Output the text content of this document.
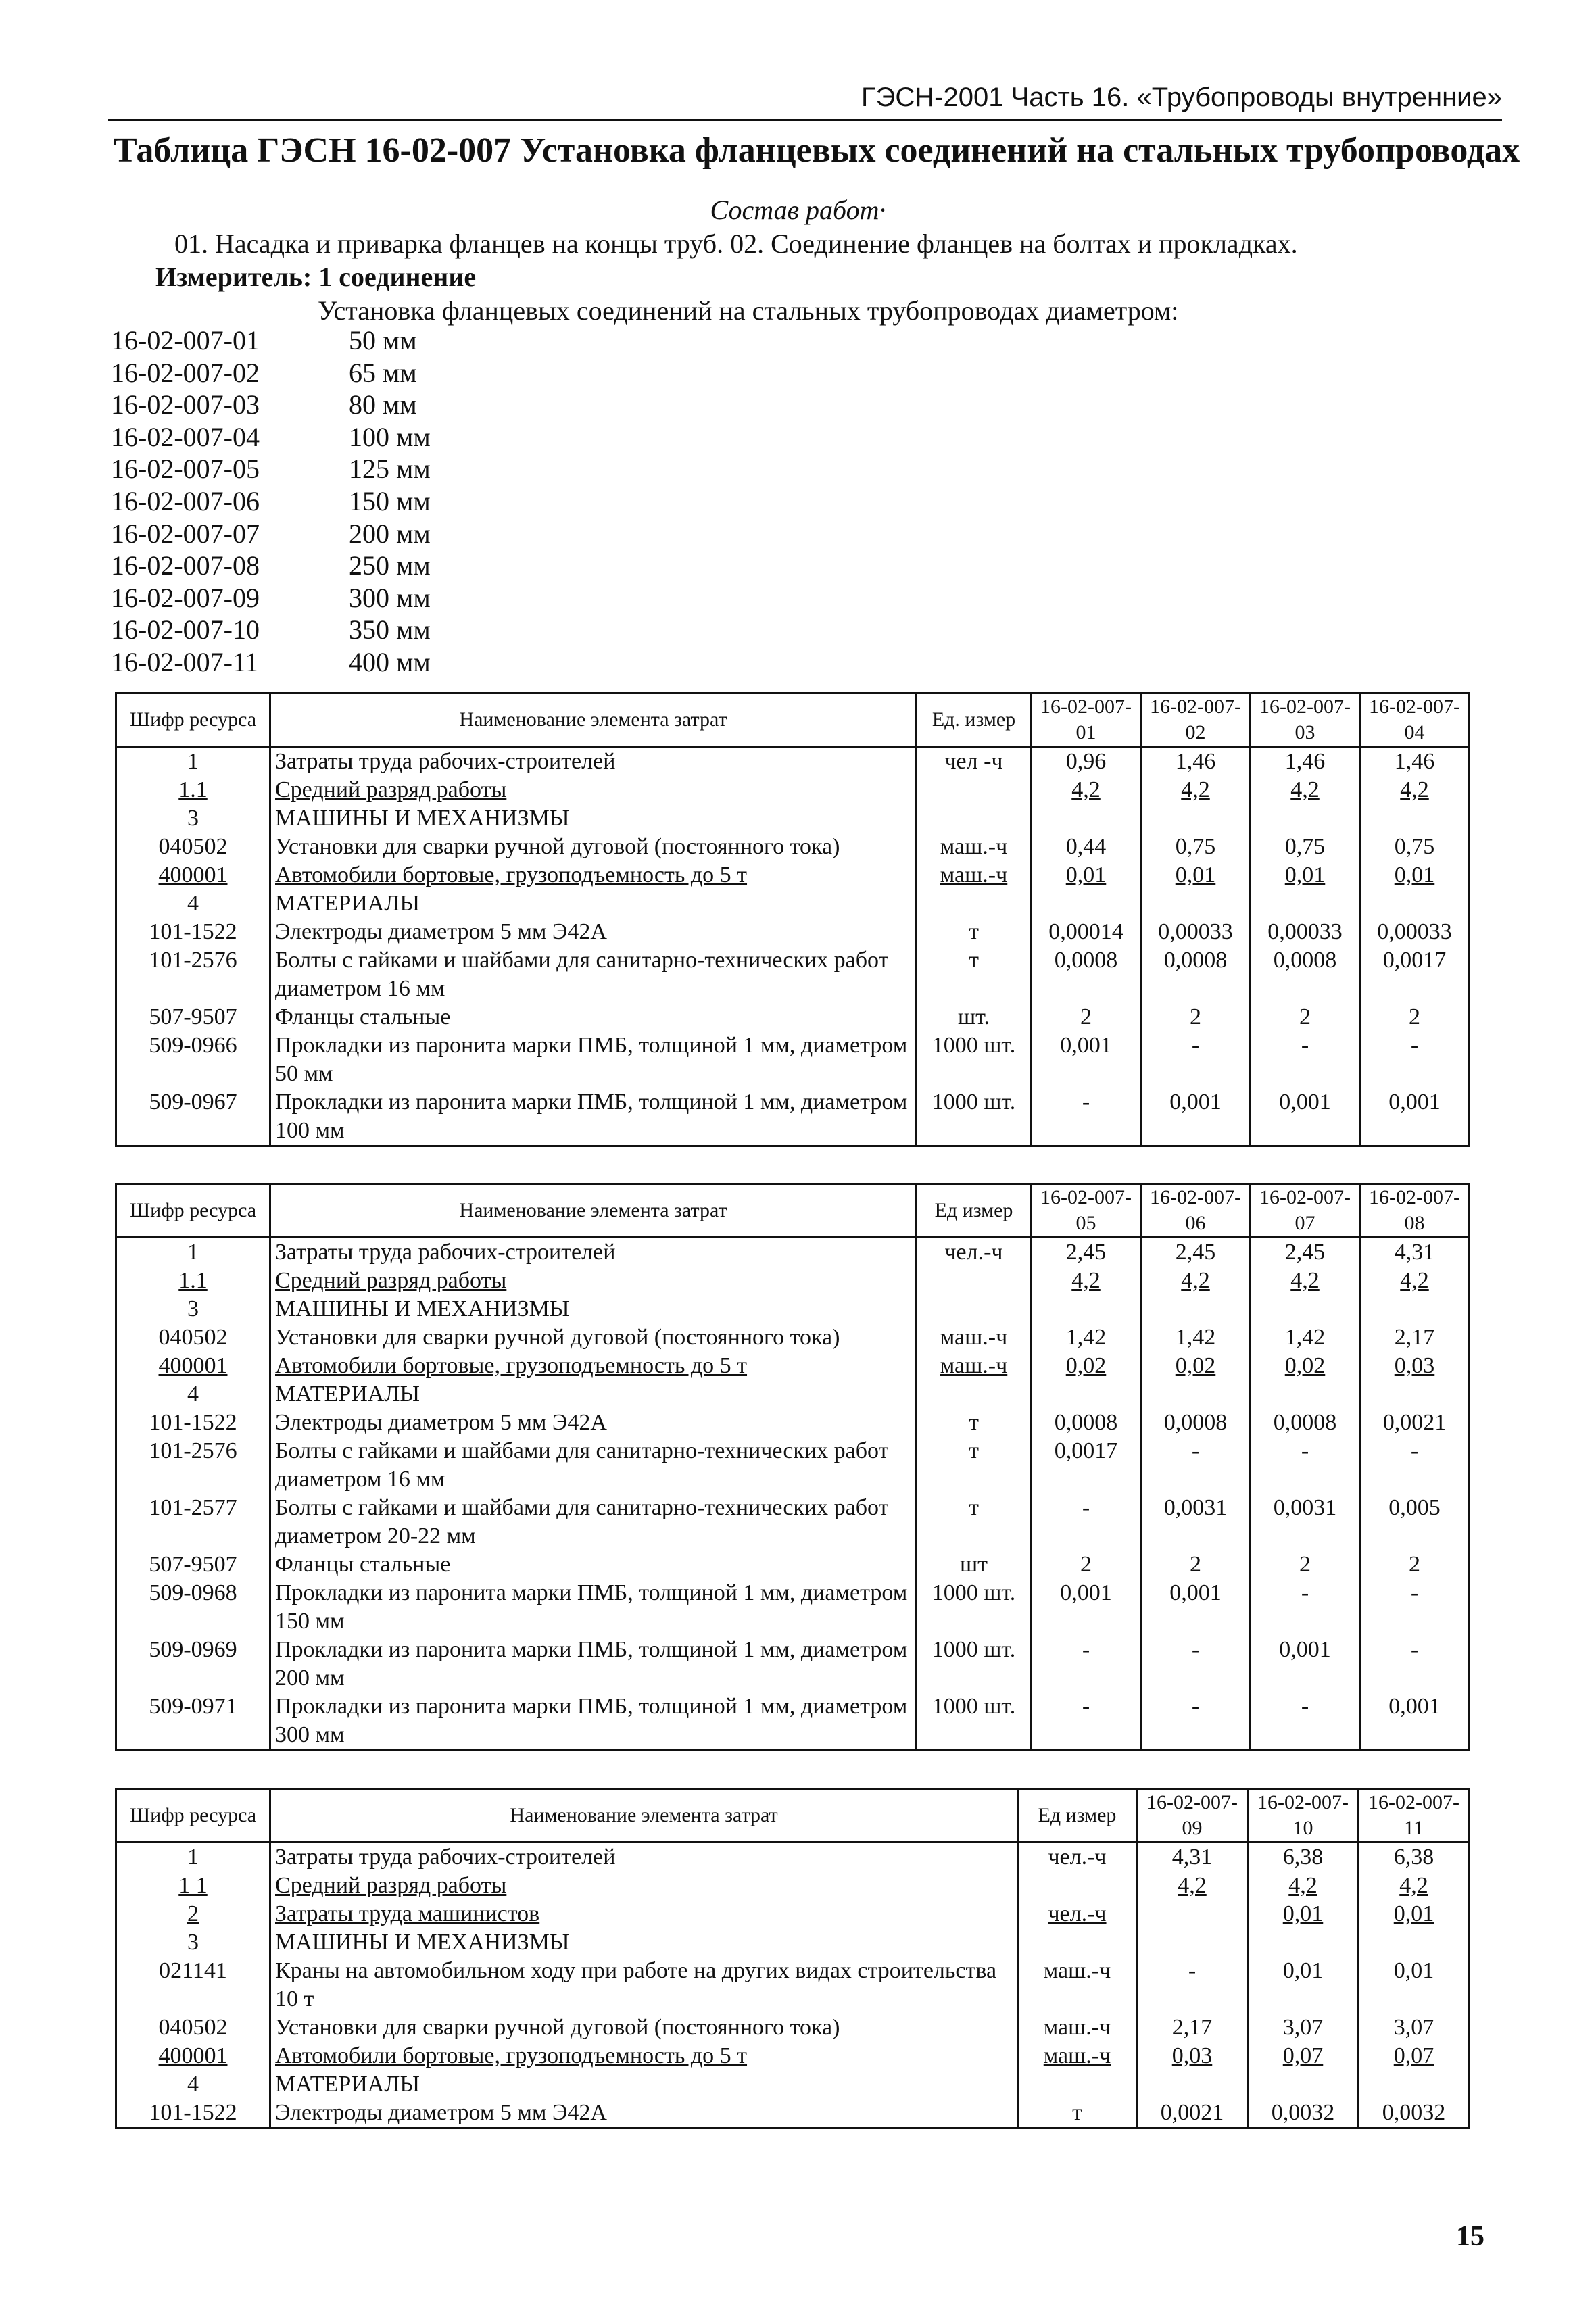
ГЭСН-2001 Часть 16. «Трубопроводы внутренние»
Таблица ГЭСН 16-02-007 Установка фланцевых соединений на стальных трубопроводах
Состав работ·
01. Насадка и приварка фланцев на концы труб. 02. Соединение фланцев на болтах и прокладках.
Измеритель: 1 соединение
Установка фланцевых соединений на стальных трубопроводах диаметром:
16-02-007-01	50 мм
16-02-007-02	65 мм
16-02-007-03	80 мм
16-02-007-04	100 мм
16-02-007-05	125 мм
16-02-007-06	150 мм
16-02-007-07	200 мм
16-02-007-08	250 мм
16-02-007-09	300 мм
16-02-007-10	350 мм
16-02-007-11	400 мм
Шифр ресурса	Наименование элемента затрат	Ед. измер	16-02-007-01	16-02-007-02	16-02-007-03	16-02-007-04
1	Затраты труда рабочих-строителей	чел -ч	0,96	1,46	1,46	1,46
1.1	Средний разряд работы		4,2	4,2	4,2	4,2
3	МАШИНЫ И МЕХАНИЗМЫ					
040502	Установки для сварки ручной дуговой (постоянного тока)	маш.-ч	0,44	0,75	0,75	0,75
400001	Автомобили бортовые, грузоподъемность до 5 т	маш.-ч	0,01	0,01	0,01	0,01
4	МАТЕРИАЛЫ					
101-1522	Электроды диаметром 5 мм Э42А	т	0,00014	0,00033	0,00033	0,00033
101-2576	Болты с гайками и шайбами для санитарно-технических работ диаметром 16 мм	т	0,0008	0,0008	0,0008	0,0017
507-9507	Фланцы стальные	шт.	2	2	2	2
509-0966	Прокладки из паронита марки ПМБ, толщиной 1 мм, диаметром 50 мм	1000 шт.	0,001	-	-	-
509-0967	Прокладки из паронита марки ПМБ, толщиной 1 мм, диаметром 100 мм	1000 шт.	-	0,001	0,001	0,001
Шифр ресурса	Наименование элемента затрат	Ед измер	16-02-007-05	16-02-007-06	16-02-007-07	16-02-007-08
1	Затраты труда рабочих-строителей	чел.-ч	2,45	2,45	2,45	4,31
1.1	Средний разряд работы		4,2	4,2	4,2	4,2
3	МАШИНЫ И МЕХАНИЗМЫ					
040502	Установки для сварки ручной дуговой (постоянного тока)	маш.-ч	1,42	1,42	1,42	2,17
400001	Автомобили бортовые, грузоподъемность до 5 т	маш.-ч	0,02	0,02	0,02	0,03
4	МАТЕРИАЛЫ					
101-1522	Электроды диаметром 5 мм Э42А	т	0,0008	0,0008	0,0008	0,0021
101-2576	Болты с гайками и шайбами для санитарно-технических работ диаметром 16 мм	т	0,0017	-	-	-
101-2577	Болты с гайками и шайбами для санитарно-технических работ диаметром 20-22 мм	т	-	0,0031	0,0031	0,005
507-9507	Фланцы стальные	шт	2	2	2	2
509-0968	Прокладки из паронита марки ПМБ, толщиной 1 мм, диаметром 150 мм	1000 шт.	0,001	0,001	-	-
509-0969	Прокладки из паронита марки ПМБ, толщиной 1 мм, диаметром 200 мм	1000 шт.	-	-	0,001	-
509-0971	Прокладки из паронита марки ПМБ, толщиной 1 мм, диаметром 300 мм	1000 шт.	-	-	-	0,001
Шифр ресурса	Наименование элемента затрат	Ед измер	16-02-007-09	16-02-007-10	16-02-007-11
1	Затраты труда рабочих-строителей	чел.-ч	4,31	6,38	6,38
1 1	Средний разряд работы		4,2	4,2	4,2
2	Затраты труда машинистов	чел.-ч		0,01	0,01
3	МАШИНЫ И МЕХАНИЗМЫ				
021141	Краны на автомобильном ходу при работе на других видах строительства 10 т	маш.-ч	-	0,01	0,01
040502	Установки для сварки ручной дуговой (постоянного тока)	маш.-ч	2,17	3,07	3,07
400001	Автомобили бортовые, грузоподъемность до 5 т	маш.-ч	0,03	0,07	0,07
4	МАТЕРИАЛЫ				
101-1522	Электроды диаметром 5 мм Э42А	т	0,0021	0,0032	0,0032
15
